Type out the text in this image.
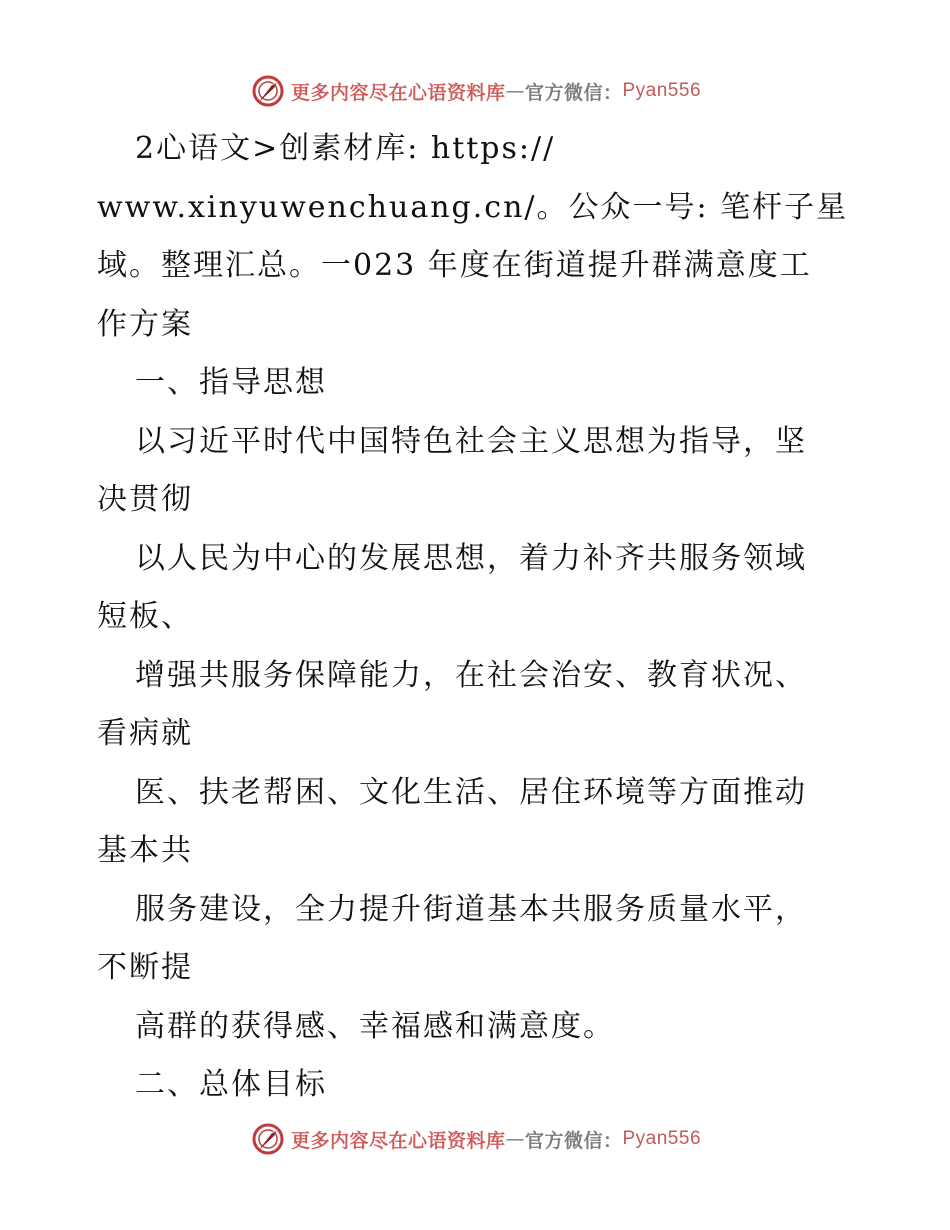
更多内容尽在心语资料库 — 官方微信： Pyan556
2心语文>创素材库: https://
www.xinyuwenchuang.cn/。公众一号: 笔杆子星
域。整理汇总。一023 年度在街道提升群满意度工
作方案
一、指导思想
以习近平时代中国特色社会主义思想为指导，坚
决贯彻
以人民为中心的发展思想，着力补齐共服务领域
短板、
增强共服务保障能力，在社会治安、教育状况、
看病就
医、扶老帮困、文化生活、居住环境等方面推动
基本共
服务建设，全力提升街道基本共服务质量水平，
不断提
高群的获得感、幸福感和满意度。
二、总体目标
更多内容尽在心语资料库 — 官方微信： Pyan556
